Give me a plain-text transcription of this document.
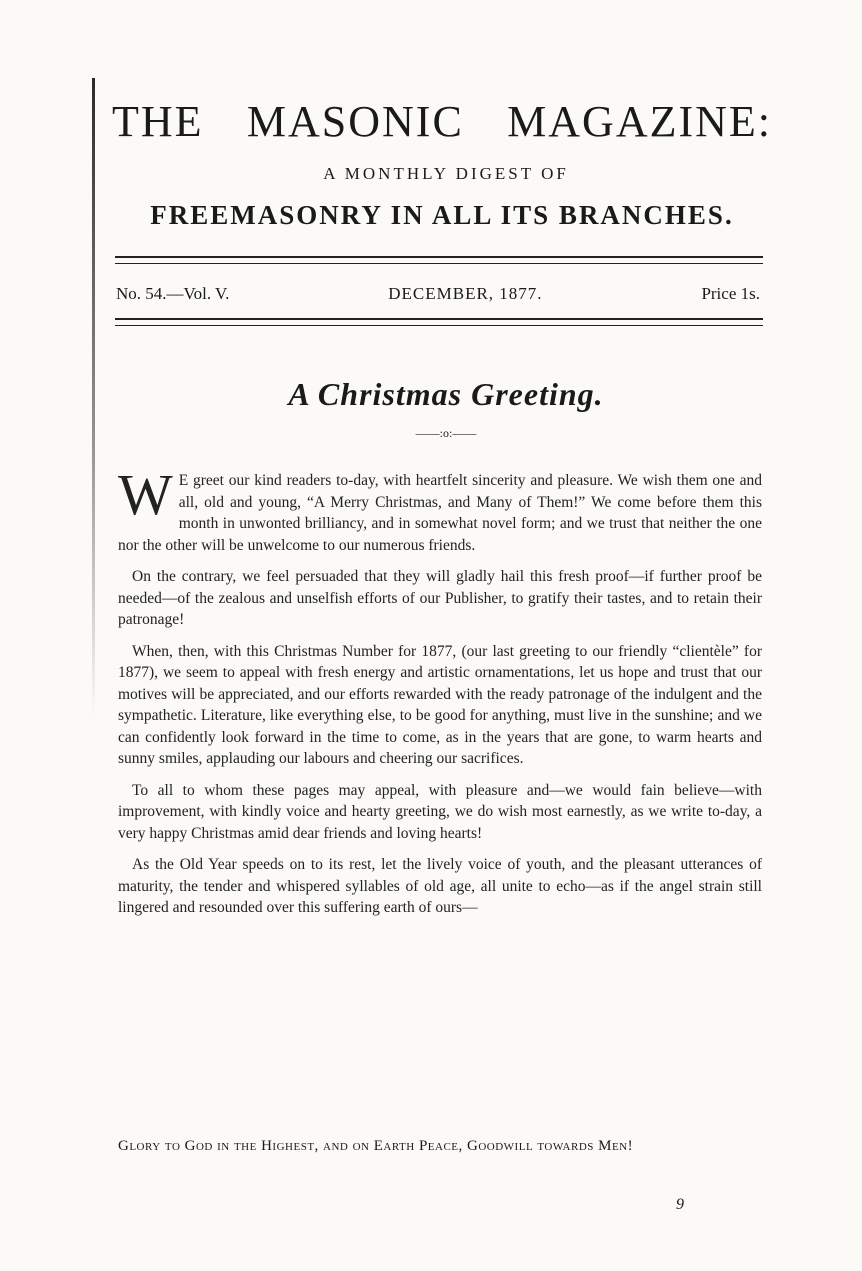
THE MASONIC MAGAZINE:
A MONTHLY DIGEST OF
FREEMASONRY IN ALL ITS BRANCHES.
No. 54.—Vol. V.	DECEMBER, 1877.	Price 1s.
A Christmas Greeting.
——:o:——

W E greet our kind readers to-day, with heartfelt sincerity and pleasure. We wish them one and all, old and young, “A Merry Christmas, and Many of Them!” We come before them this month in unwonted brilliancy, and in somewhat novel form; and we trust that neither the one nor the other will be unwelcome to our numerous friends.

On the contrary, we feel persuaded that they will gladly hail this fresh proof—if further proof be needed—of the zealous and unselfish efforts of our Publisher, to gratify their tastes, and to retain their patronage!

When, then, with this Christmas Number for 1877, (our last greeting to our friendly “clientèle” for 1877), we seem to appeal with fresh energy and artistic ornamentations, let us hope and trust that our motives will be appreciated, and our efforts rewarded with the ready patronage of the indulgent and the sympathetic. Literature, like everything else, to be good for anything, must live in the sunshine; and we can confidently look forward in the time to come, as in the years that are gone, to warm hearts and sunny smiles, applauding our labours and cheering our sacrifices.

To all to whom these pages may appeal, with pleasure and—we would fain believe—with improvement, with kindly voice and hearty greeting, we do wish most earnestly, as we write to-day, a very happy Christmas amid dear friends and loving hearts!

As the Old Year speeds on to its rest, let the lively voice of youth, and the pleasant utterances of maturity, the tender and whispered syllables of old age, all unite to echo—as if the angel strain still lingered and resounded over this suffering earth of ours—

Glory to God in the Highest, and on Earth Peace, Goodwill towards Men!
9
